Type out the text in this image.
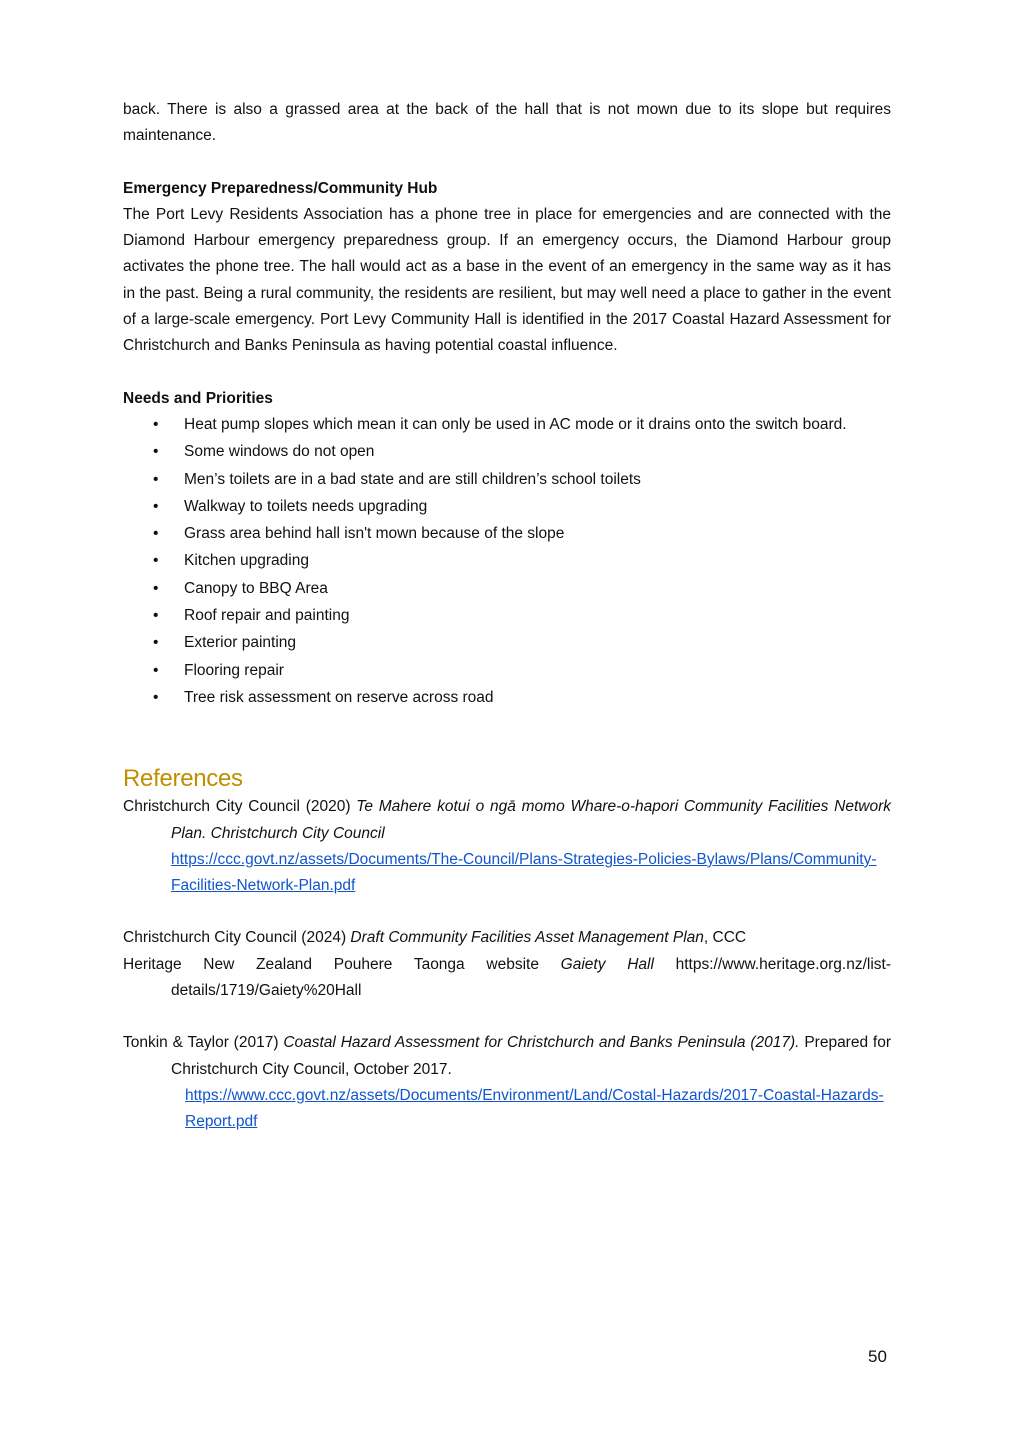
back. There is also a grassed area at the back of the hall that is not mown due to its slope but requires maintenance.

Emergency Preparedness/Community Hub

The Port Levy Residents Association has a phone tree in place for emergencies and are connected with the Diamond Harbour emergency preparedness group. If an emergency occurs, the Diamond Harbour group activates the phone tree. The hall would act as a base in the event of an emergency in the same way as it has in the past. Being a rural community, the residents are resilient, but may well need a place to gather in the event of a large-scale emergency. Port Levy Community Hall is identified in the 2017 Coastal Hazard Assessment for Christchurch and Banks Peninsula as having potential coastal influence.

Needs and Priorities

• Heat pump slopes which mean it can only be used in AC mode or it drains onto the switch board.
• Some windows do not open
• Men’s toilets are in a bad state and are still children’s school toilets
• Walkway to toilets needs upgrading
• Grass area behind hall isn't mown because of the slope
• Kitchen upgrading
• Canopy to BBQ Area
• Roof repair and painting
• Exterior painting
• Flooring repair
• Tree risk assessment on reserve across road
References

Christchurch City Council (2020) Te Mahere kotui o ngā momo Whare-o-hapori Community Facilities Network Plan. Christchurch City Council
https://ccc.govt.nz/assets/Documents/The-Council/Plans-Strategies-Policies-Bylaws/Plans/Community-Facilities-Network-Plan.pdf

Christchurch City Council (2024) Draft Community Facilities Asset Management Plan, CCC

Heritage New Zealand Pouhere Taonga website Gaiety Hall https://www.heritage.org.nz/list-details/1719/Gaiety%20Hall

Tonkin & Taylor (2017) Coastal Hazard Assessment for Christchurch and Banks Peninsula (2017). Prepared for Christchurch City Council, October 2017.
https://www.ccc.govt.nz/assets/Documents/Environment/Land/Costal-Hazards/2017-Coastal-Hazards-Report.pdf

50
